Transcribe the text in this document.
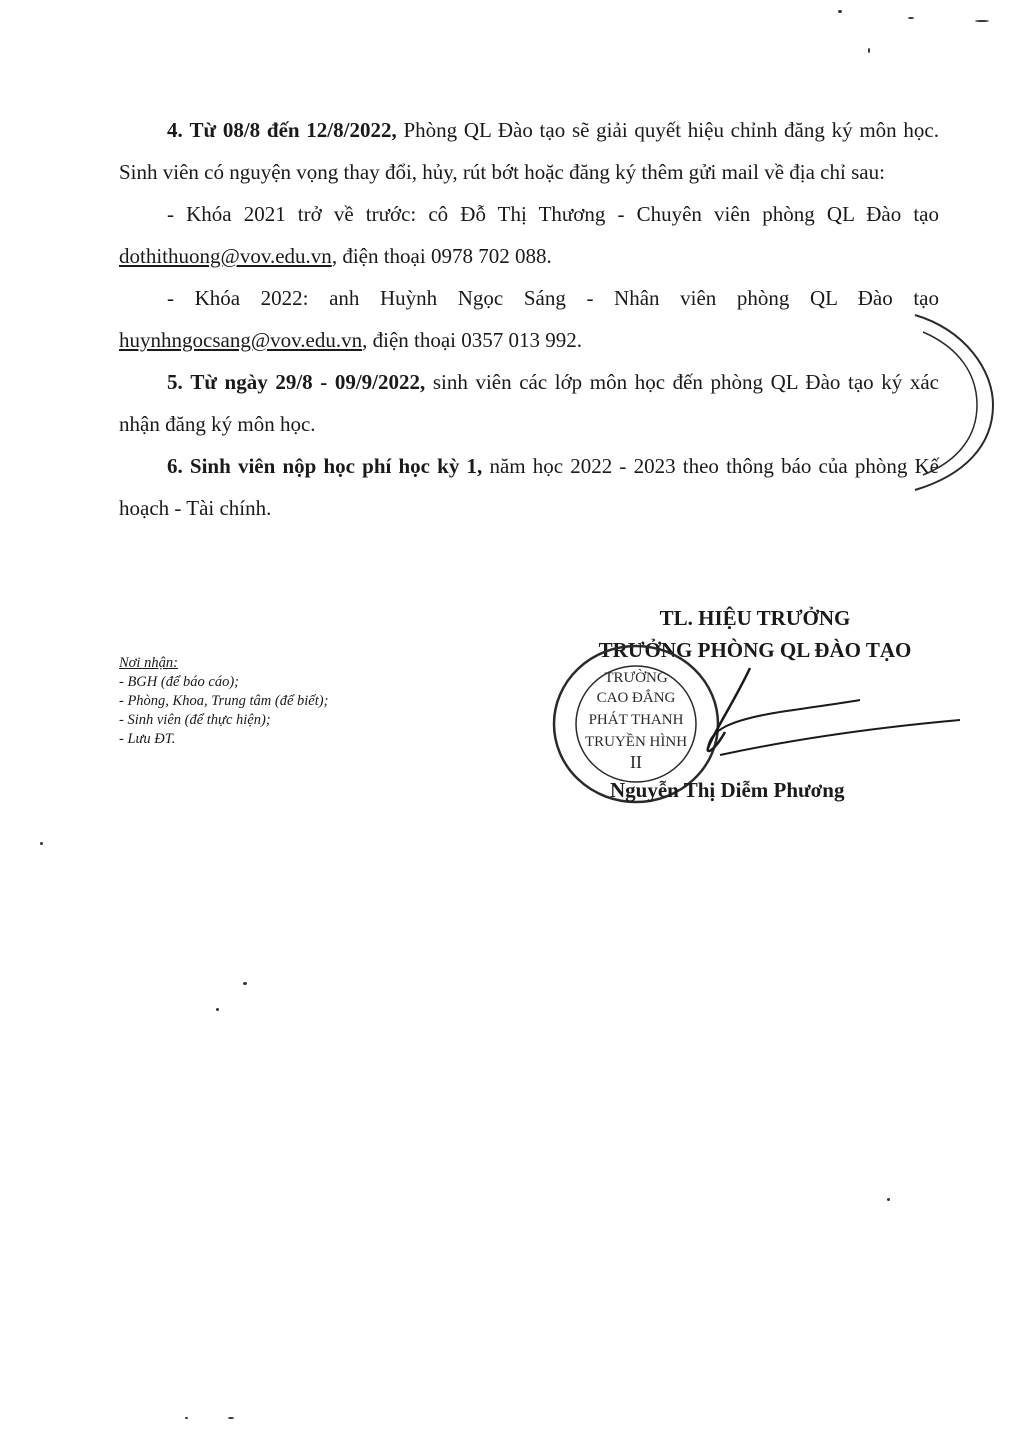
4. Từ 08/8 đến 12/8/2022, Phòng QL Đào tạo sẽ giải quyết hiệu chỉnh đăng ký môn học. Sinh viên có nguyện vọng thay đổi, hủy, rút bớt hoặc đăng ký thêm gửi mail về địa chỉ sau:

- Khóa 2021 trở về trước: cô Đỗ Thị Thương - Chuyên viên phòng QL Đào tạo dothithuong@vov.edu.vn, điện thoại 0978 702 088.

- Khóa 2022: anh Huỳnh Ngọc Sáng - Nhân viên phòng QL Đào tạo huynhngocsang@vov.edu.vn, điện thoại 0357 013 992.

5. Từ ngày 29/8 - 09/9/2022, sinh viên các lớp môn học đến phòng QL Đào tạo ký xác nhận đăng ký môn học.

6. Sinh viên nộp học phí học kỳ 1, năm học 2022 - 2023 theo thông báo của phòng Kế hoạch - Tài chính.

Nơi nhận:
- BGH (để báo cáo);
- Phòng, Khoa, Trung tâm (để biết);
- Sinh viên (để thực hiện);
- Lưu ĐT.
TL. HIỆU TRƯỞNG
TRƯỞNG PHÒNG QL ĐÀO TẠO
TRƯỜNG
CAO ĐẲNG
PHÁT THANH
TRUYỀN HÌNH
II
Nguyễn Thị Diễm Phương
